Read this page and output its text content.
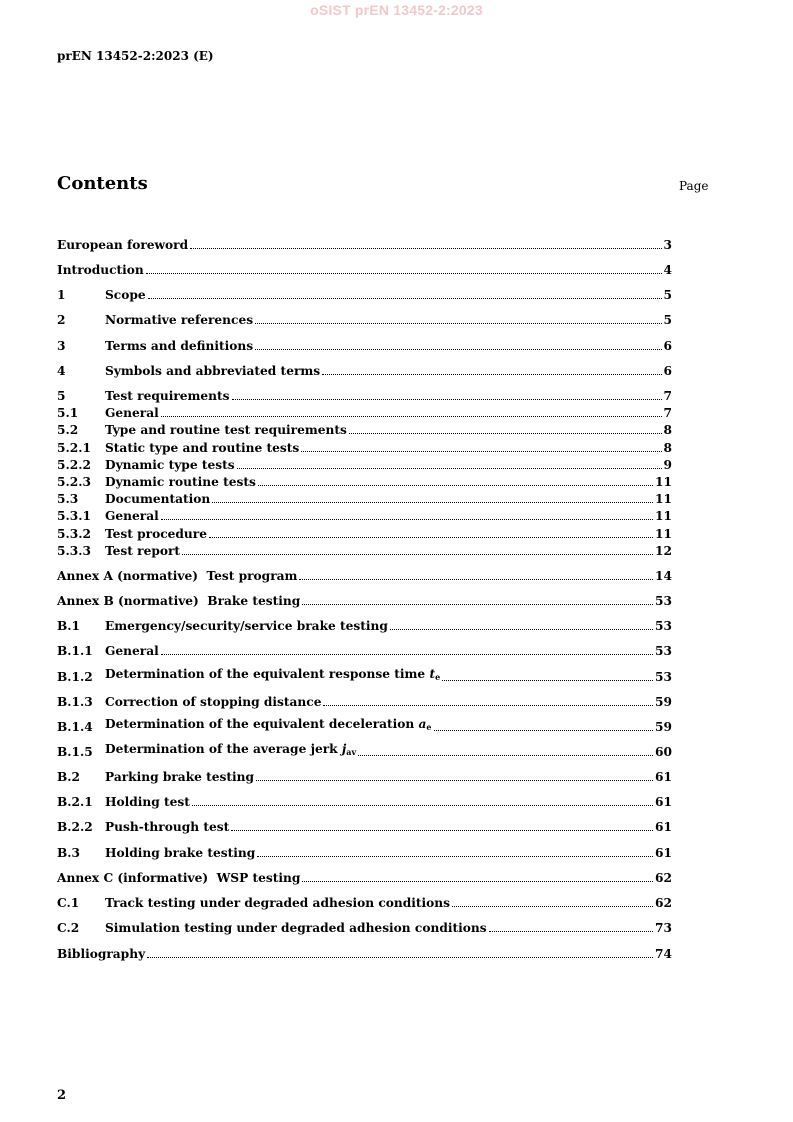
oSIST prEN 13452-2:2023
prEN 13452-2:2023 (E)
Contents	Page
European foreword	3
Introduction	4
1	Scope	5
2	Normative references	5
3	Terms and definitions	6
4	Symbols and abbreviated terms	6
5	Test requirements	7
5.1	General	7
5.2	Type and routine test requirements	8
5.2.1	Static type and routine tests	8
5.2.2	Dynamic type tests	9
5.2.3	Dynamic routine tests	11
5.3	Documentation	11
5.3.1	General	11
5.3.2	Test procedure	11
5.3.3	Test report	12
Annex A (normative)  Test program	14
Annex B (normative)  Brake testing	53
B.1	Emergency/security/service brake testing	53
B.1.1	General	53
B.1.2	Determination of the equivalent response time $t_e$	53
B.1.3	Correction of stopping distance	59
B.1.4	Determination of the equivalent deceleration $a_e$	59
B.1.5	Determination of the average jerk $j_{av}$	60
B.2	Parking brake testing	61
B.2.1	Holding test	61
B.2.2	Push-through test	61
B.3	Holding brake testing	61
Annex C (informative)  WSP testing	62
C.1	Track testing under degraded adhesion conditions	62
C.2	Simulation testing under degraded adhesion conditions	73
Bibliography	74
2
